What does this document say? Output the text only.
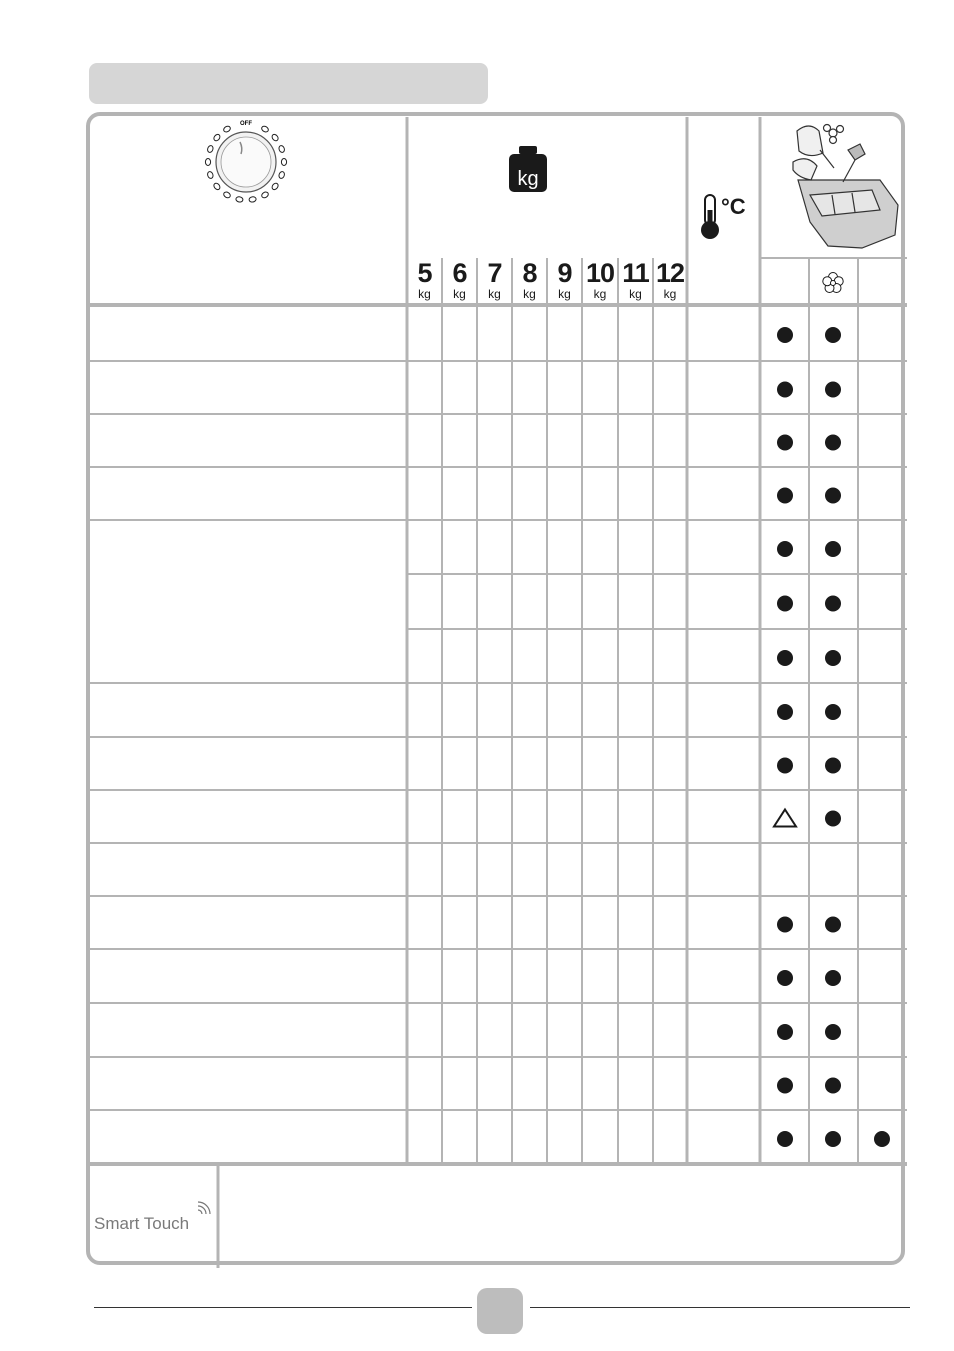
kg
OFF
5
kg
6
kg
7
kg
8
kg
9
kg
10
kg
11
kg
12
kg
°C
Smart Touch
